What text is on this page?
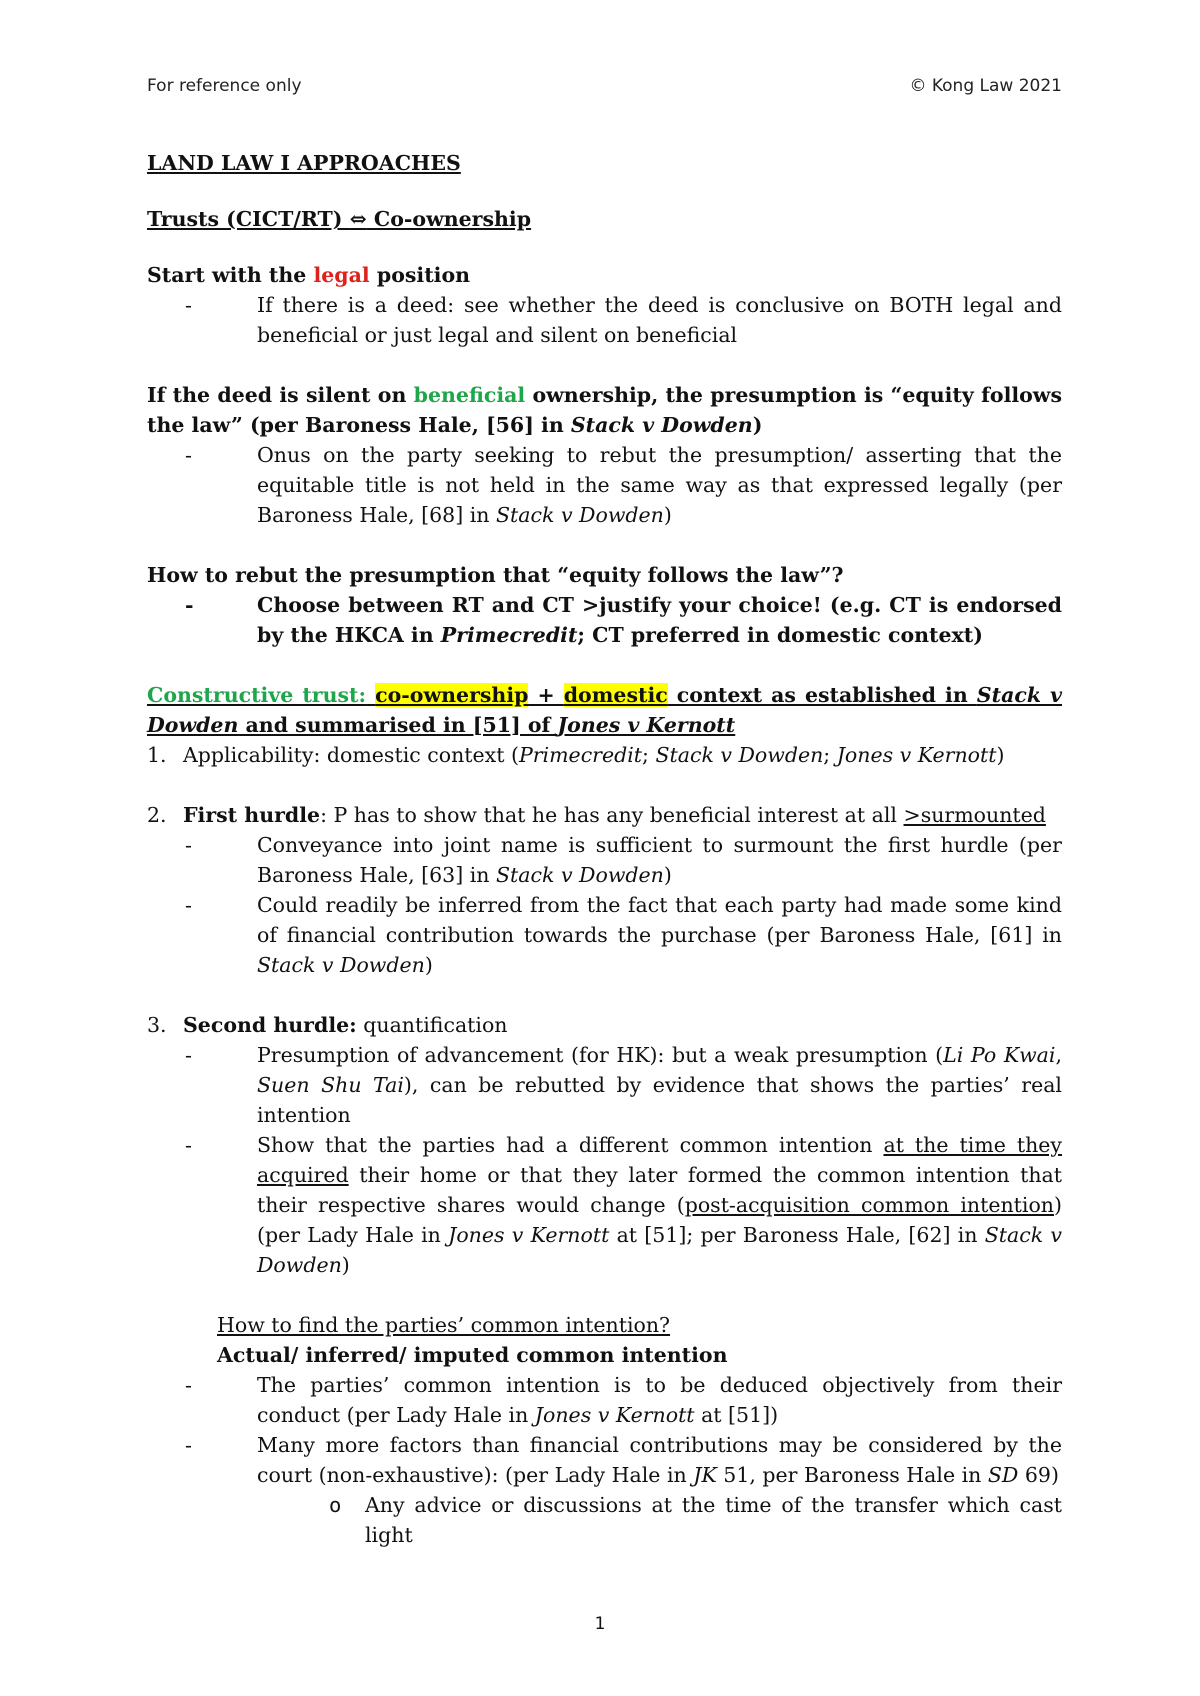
For reference only	© Kong Law 2021

LAND LAW I APPROACHES

Trusts (CICT/RT) ⇔ Co-ownership

Start with the legal position

- If there is a deed: see whether the deed is conclusive on BOTH legal and beneficial or just legal and silent on beneficial

If the deed is silent on beneficial ownership, the presumption is “equity follows the law” (per Baroness Hale, [56] in Stack v Dowden)

- Onus on the party seeking to rebut the presumption/ asserting that the equitable title is not held in the same way as that expressed legally (per Baroness Hale, [68] in Stack v Dowden)

How to rebut the presumption that “equity follows the law”?

- Choose between RT and CT >justify your choice! (e.g. CT is endorsed by the HKCA in Primecredit; CT preferred in domestic context)

Constructive trust: co-ownership + domestic context as established in Stack v Dowden and summarised in [51] of Jones v Kernott

1. Applicability: domestic context (Primecredit; Stack v Dowden; Jones v Kernott)

2. First hurdle: P has to show that he has any beneficial interest at all >surmounted

- Conveyance into joint name is sufficient to surmount the first hurdle (per Baroness Hale, [63] in Stack v Dowden)

- Could readily be inferred from the fact that each party had made some kind of financial contribution towards the purchase (per Baroness Hale, [61] in Stack v Dowden)

3. Second hurdle: quantification

- Presumption of advancement (for HK): but a weak presumption (Li Po Kwai, Suen Shu Tai), can be rebutted by evidence that shows the parties’ real intention

- Show that the parties had a different common intention at the time they acquired their home or that they later formed the common intention that their respective shares would change (post-acquisition common intention) (per Lady Hale in Jones v Kernott at [51]; per Baroness Hale, [62] in Stack v Dowden)

How to find the parties’ common intention?

Actual/ inferred/ imputed common intention

- The parties’ common intention is to be deduced objectively from their conduct (per Lady Hale in Jones v Kernott at [51])

- Many more factors than financial contributions may be considered by the court (non-exhaustive): (per Lady Hale in JK 51, per Baroness Hale in SD 69)

o Any advice or discussions at the time of the transfer which cast light

1
